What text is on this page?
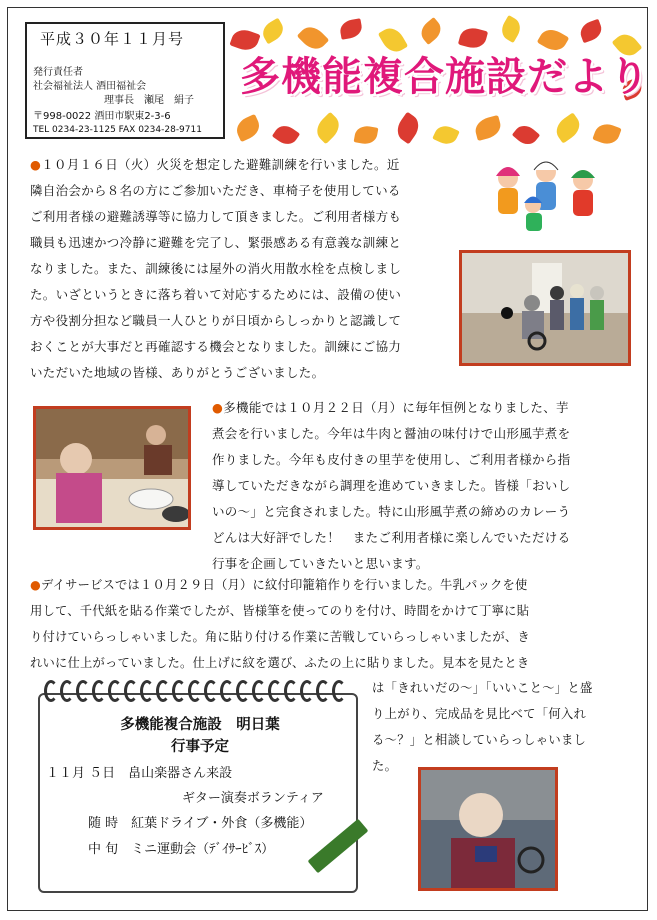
平成３０年１１月号
発行責任者
社会福祉法人 酒田福祉会
理事長　瀬尾　絹子
〒998-0022 酒田市駅東2-3-6
TEL 0234-23-1125 FAX 0234-28-9711
多機能複合施設だより
●１０月１６日（火）火災を想定した避難訓練を行いました。近
隣自治会から８名の方にご参加いただき、車椅子を使用している
ご利用者様の避難誘導等に協力して頂きました。ご利用者様方も
職員も迅速かつ冷静に避難を完了し、緊張感ある有意義な訓練と
なりました。また、訓練後には屋外の消火用散水栓を点検しまし
た。いざというときに落ち着いて対応するためには、設備の使い
方や役割分担など職員一人ひとりが日頃からしっかりと認識して
おくことが大事だと再確認する機会となりました。訓練にご協力
いただいた地域の皆様、ありがとうございました。
●多機能では１０月２２日（月）に毎年恒例となりました、芋
煮会を行いました。今年は牛肉と醤油の味付けで山形風芋煮を
作りました。今年も皮付きの里芋を使用し、ご利用者様から指
導していただきながら調理を進めていきました。皆様「おいし
いの～」と完食されました。特に山形風芋煮の締めのカレーう
どんは大好評でした！　またご利用者様に楽しんでいただける
行事を企画していきたいと思います。
●デイサービスでは１０月２９日（月）に紋付印籠箱作りを行いました。牛乳パックを使
用して、千代紙を貼る作業でしたが、皆様筆を使ってのりを付け、時間をかけて丁寧に貼
り付けていらっしゃいました。角に貼り付ける作業に苦戦していらっしゃいましたが、き
れいに仕上がっていました。仕上げに紋を選び、ふたの上に貼りました。見本を見たとき
は「きれいだの～」「いいこと～」と盛
り上がり、完成品を見比べて「何入れ
る～？」と相談していらっしゃいまし
た。
多機能複合施設　明日葉
行事予定
１１月 ５日　畠山楽器さん来設
ギター演奏ボランティア
随 時　紅葉ドライブ・外食（多機能）
中 旬　ミニ運動会（ﾃﾞｲｻｰﾋﾞｽ）
